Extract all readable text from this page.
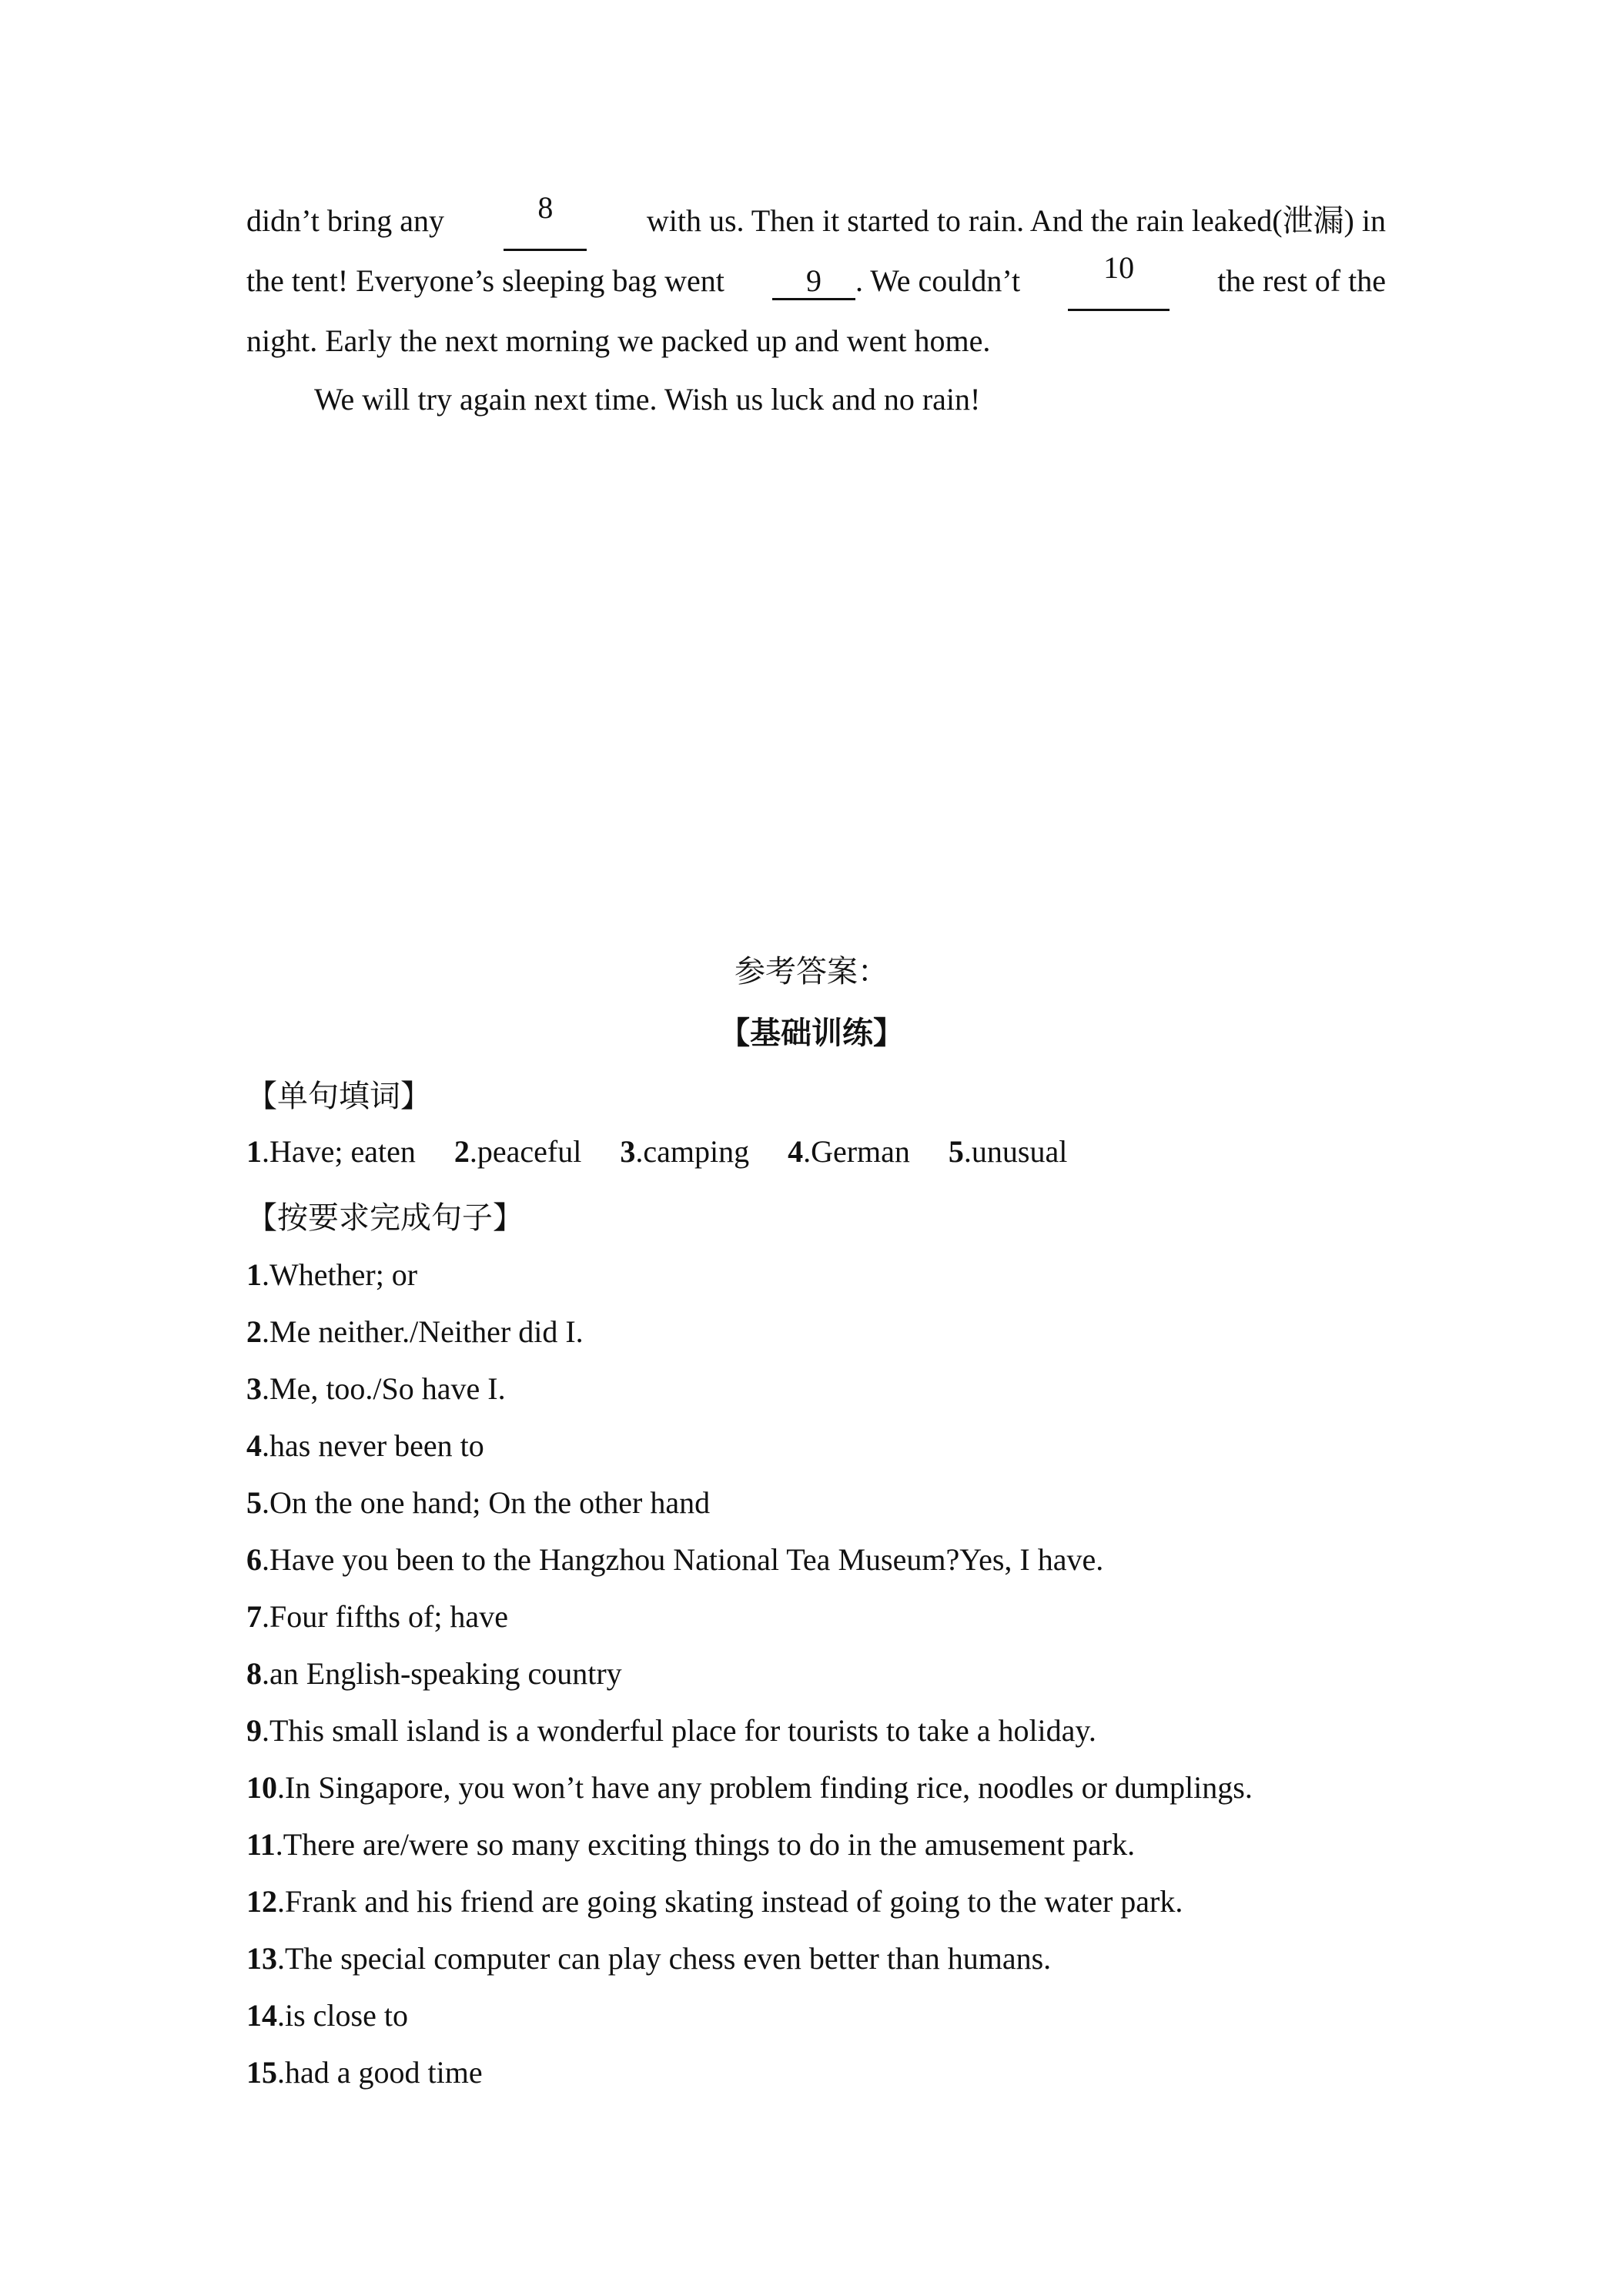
didn’t bring any	8	with us. Then it started to rain. And the rain leaked(泄漏) in
the tent! Everyone’s sleeping bag went	9 . We couldn’t	10	the rest of the
night. Early the next morning we packed up and went home.
We will try again next time. Wish us luck and no rain!
参考答案：
【基础训练】
【单句填词】
1.Have; eaten 2.peaceful 3.camping 4.German 5.unusual
【按要求完成句子】
1.Whether; or
2.Me neither./Neither did I.
3.Me, too./So have I.
4.has never been to
5.On the one hand; On the other hand
6.Have you been to the Hangzhou National Tea Museum?Yes, I have.
7.Four fifths of; have
8.an English-speaking country
9.This small island is a wonderful place for tourists to take a holiday.
10.In Singapore, you won’t have any problem finding rice, noodles or dumplings.
11.There are/were so many exciting things to do in the amusement park.
12.Frank and his friend are going skating instead of going to the water park.
13.The special computer can play chess even better than humans.
14.is close to
15.had a good time
